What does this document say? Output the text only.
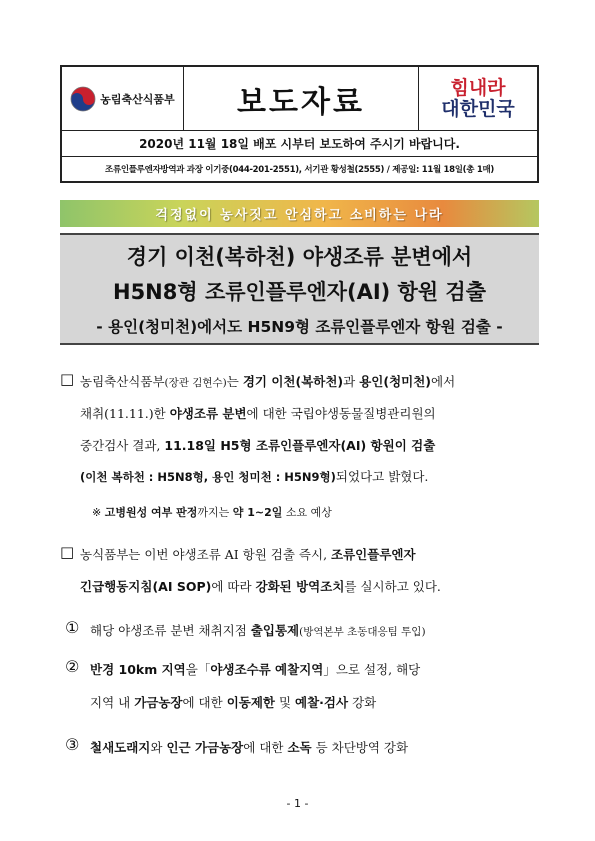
농림축산식품부	보도자료	힘내라
대한민국
2020년 11월 18일 배포 시부터 보도하여 주시기 바랍니다.
조류인플루엔자방역과 과장 이기중(044-201-2551), 서기관 황성철(2555) / 제공일: 11월 18일(총 1매)
걱정없이 농사짓고 안심하고 소비하는 나라
경기 이천(복하천) 야생조류 분변에서
H5N8형 조류인플루엔자(AI) 항원 검출
- 용인(청미천)에서도 H5N9형 조류인플루엔자 항원 검출 -
□ 농림축산식품부(장관 김현수)는 경기 이천(복하천)과 용인(청미천)에서
채취(11.11.)한 야생조류 분변에 대한 국립야생동물질병관리원의
중간검사 결과, 11.18일 H5형 조류인플루엔자(AI) 항원이 검출
(이천 복하천 : H5N8형, 용인 청미천 : H5N9형)되었다고 밝혔다.
※ 고병원성 여부 판정까지는 약 1~2일 소요 예상
□ 농식품부는 이번 야생조류 AI 항원 검출 즉시, 조류인플루엔자
긴급행동지침(AI SOP)에 따라 강화된 방역조치를 실시하고 있다.
① 해당 야생조류 분변 채취지점 출입통제(방역본부 초동대응팀 투입)
② 반경 10km 지역을「야생조수류 예찰지역」으로 설정, 해당
지역 내 가금농장에 대한 이동제한 및 예찰·검사 강화
③ 철새도래지와 인근 가금농장에 대한 소독 등 차단방역 강화
- 1 -
